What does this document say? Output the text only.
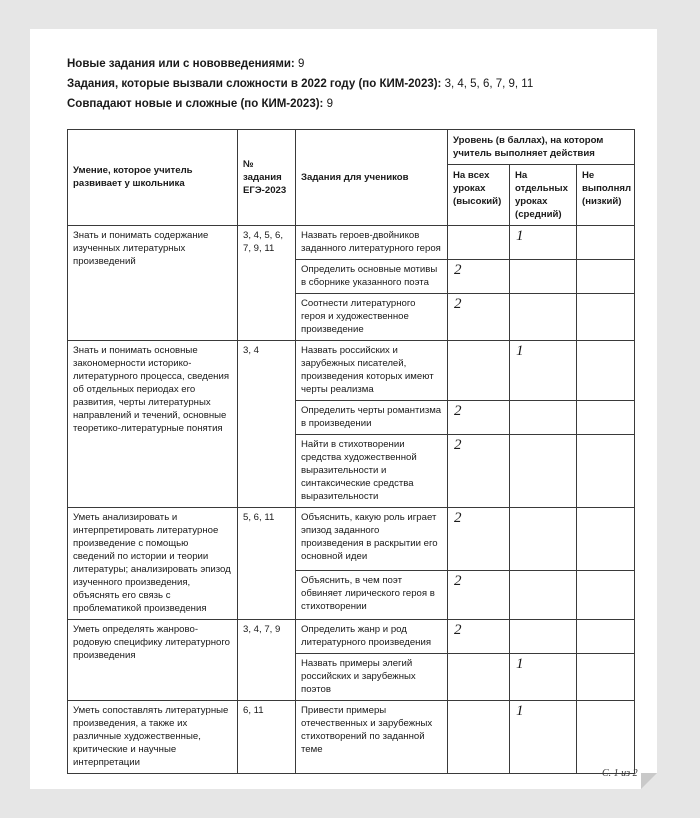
Новые задания или с нововведениями: 9
Задания, которые вызвали сложности в 2022 году (по КИМ-2023): 3, 4, 5, 6, 7, 9, 11
Совпадают новые и сложные (по КИМ-2023): 9
Умение, которое учитель развивает у школьника	№ задания ЕГЭ-2023	Задания для учеников	Уровень (в баллах), на котором учитель выполняет действия		
			На всех уроках (высокий)	На отдельных уроках (средний)	Не выполнял (низкий)
Знать и понимать содержание изученных литературных произведений	3, 4, 5, 6, 7, 9, 11	Назвать героев-двойников заданного литературного героя		1	
		Определить основные мотивы в сборнике указанного поэта	2		
		Соотнести литературного героя и художественное произведение	2		
Знать и понимать основные закономерности историко-литературного процесса, сведения об отдельных периодах его развития, черты литературных направлений и течений, основные теоретико-литературные понятия	3, 4	Назвать российских и зарубежных писателей, произведения которых имеют черты реализма		1	
		Определить черты романтизма в произведении	2		
		Найти в стихотворении средства художественной выразительности и синтаксические средства выразительности	2		
Уметь анализировать и интерпретировать литературное произведение с помощью сведений по истории и теории литературы; анализировать эпизод изученного произведения, объяснять его связь с проблематикой произведения	5, 6, 11	Объяснить, какую роль играет эпизод заданного произведения в раскрытии его основной идеи	2		
		Объяснить, в чем поэт обвиняет лирического героя в стихотворении	2		
Уметь определять жанрово-родовую специфику литературного произведения	3, 4, 7, 9	Определить жанр и род литературного произведения	2		
		Назвать примеры элегий российских и зарубежных поэтов		1	
Уметь сопоставлять литературные произведения, а также их различные художественные, критические и научные интерпретации	6, 11	Привести примеры отечественных и зарубежных стихотворений по заданной теме		1	
С. 1 из 2
